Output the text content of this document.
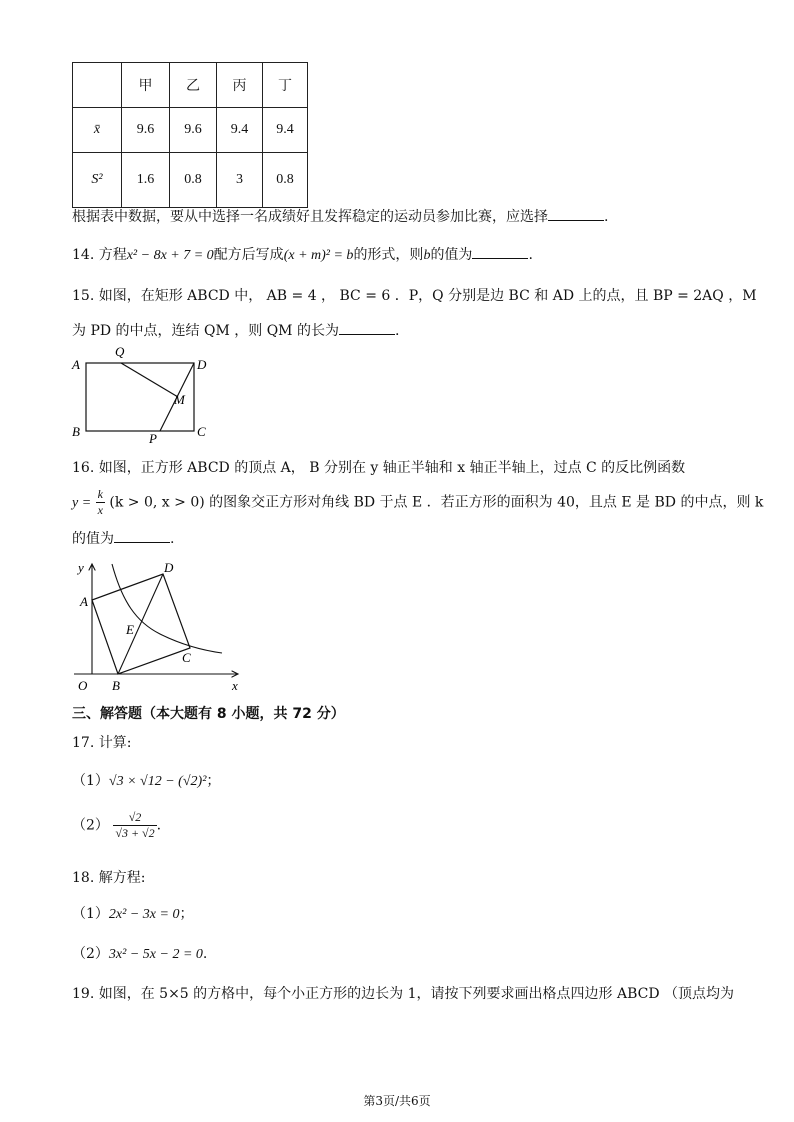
	甲	乙	丙	丁
x̄	9.6	9.6	9.4	9.4
S²	1.6	0.8	3	0.8
根据表中数据，要从中选择一名成绩好且发挥稳定的运动员参加比赛，应选择	.
14. 方程x² − 8x + 7 = 0配方后写成(x + m)² = b的形式，则b的值为	.
15. 如图，在矩形 ABCD 中， AB = 4 ， BC = 6 ．P，Q 分别是边 BC 和 AD 上的点，且 BP = 2AQ ，M
为 PD 的中点，连结 QM ，则 QM 的长为	.
A
Q
D
M
B	P	C
16. 如图，正方形 ABCD 的顶点 A， B 分别在 y 轴正半轴和 x 轴正半轴上，过点 C 的反比例函数
$y = \frac{k}{x} (k > 0$, x > 0) 的图象交正方形对角线 BD 于点 E ．若正方形的面积为 40，且点 E 是 BD 的中点，则 k
的值为	.
y
x
O
A
B
C
D
E
三、解答题（本大题有 8 小题，共 72 分）
17. 计算:
（1）√3 × √12 − (√2)²；
$(2) \frac{√2}{√3 + √2}$ .
18. 解方程:
（1）2x² − 3x = 0；
（2）3x² − 5x − 2 = 0.
19. 如图，在 5×5 的方格中，每个小正方形的边长为 1，请按下列要求画出格点四边形 ABCD （顶点均为
第3页/共6页
